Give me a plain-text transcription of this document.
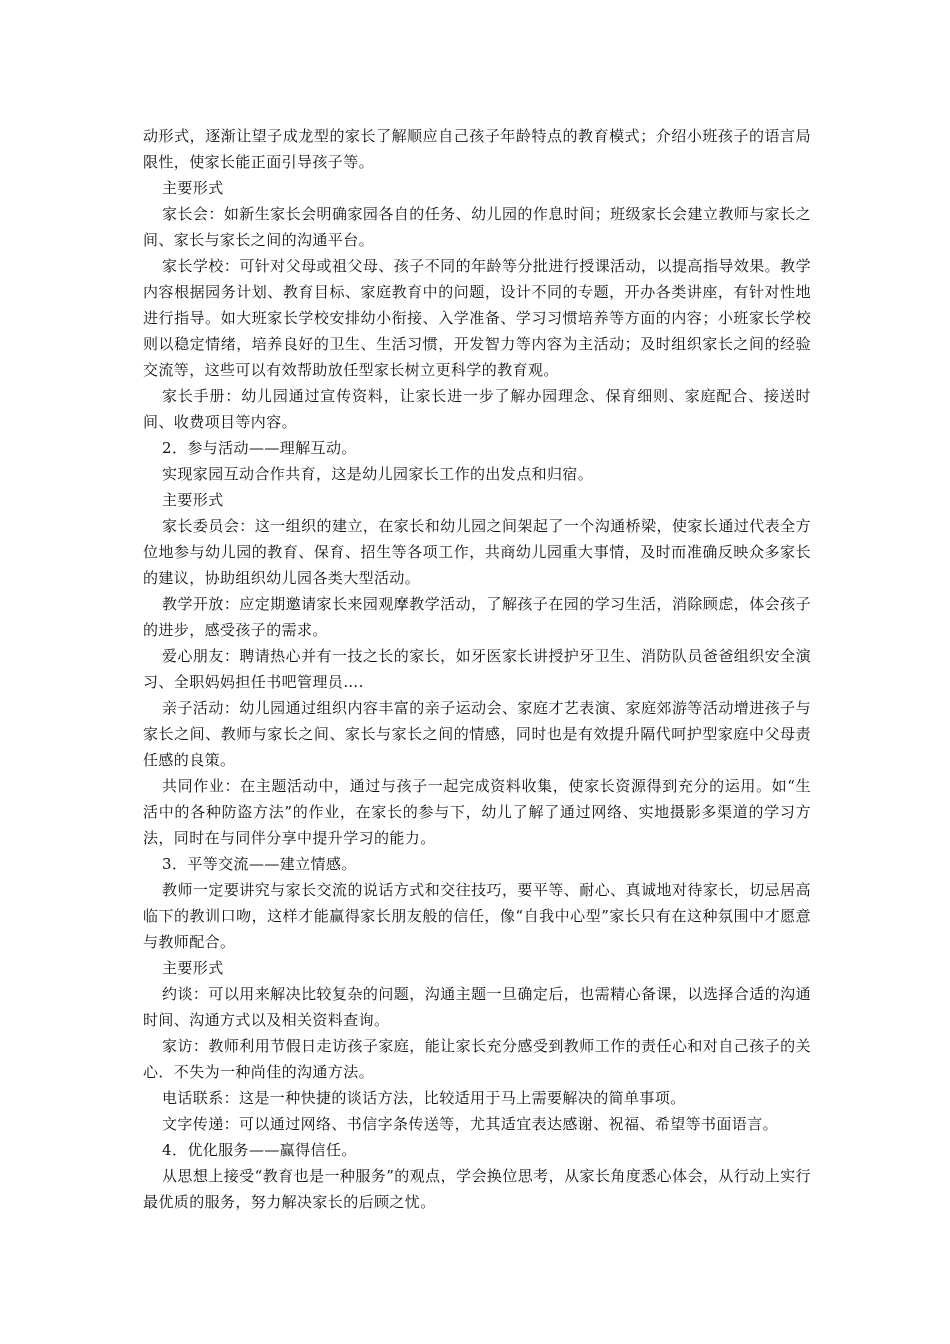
动形式，逐渐让望子成龙型的家长了解顺应自己孩子年龄特点的教育模式；介绍小班孩子的语言局限性，使家长能正面引导孩子等。

主要形式

家长会：如新生家长会明确家园各自的任务、幼儿园的作息时间；班级家长会建立教师与家长之间、家长与家长之间的沟通平台。

家长学校：可针对父母或祖父母、孩子不同的年龄等分批进行授课活动，以提高指导效果。教学内容根据园务计划、教育目标、家庭教育中的问题，设计不同的专题，开办各类讲座，有针对性地进行指导。如大班家长学校安排幼小衔接、入学准备、学习习惯培养等方面的内容；小班家长学校则以稳定情绪，培养良好的卫生、生活习惯，开发智力等内容为主活动；及时组织家长之间的经验交流等，这些可以有效帮助放任型家长树立更科学的教育观。

家长手册：幼儿园通过宣传资料，让家长进一步了解办园理念、保育细则、家庭配合、接送时间、收费项目等内容。

2．参与活动——理解互动。

实现家园互动合作共育，这是幼儿园家长工作的出发点和归宿。

主要形式

家长委员会：这一组织的建立，在家长和幼儿园之间架起了一个沟通桥梁，使家长通过代表全方位地参与幼儿园的教育、保育、招生等各项工作，共商幼儿园重大事情，及时而准确反映众多家长的建议，协助组织幼儿园各类大型活动。

教学开放：应定期邀请家长来园观摩教学活动，了解孩子在园的学习生活，消除顾虑，体会孩子的进步，感受孩子的需求。

爱心朋友：聘请热心并有一技之长的家长，如牙医家长讲授护牙卫生、消防队员爸爸组织安全演习、全职妈妈担任书吧管理员….　

亲子活动：幼儿园通过组织内容丰富的亲子运动会、家庭才艺表演、家庭郊游等活动增进孩子与家长之间、教师与家长之间、家长与家长之间的情感，同时也是有效提升隔代呵护型家庭中父母责任感的良策。

共同作业：在主题活动中，通过与孩子一起完成资料收集，使家长资源得到充分的运用。如“生活中的各种防盗方法”的作业，在家长的参与下，幼儿了解了通过网络、实地摄影多渠道的学习方法，同时在与同伴分享中提升学习的能力。

3．平等交流——建立情感。

教师一定要讲究与家长交流的说话方式和交往技巧，要平等、耐心、真诚地对待家长，切忌居高临下的教训口吻，这样才能赢得家长朋友般的信任，像“自我中心型”家长只有在这种氛围中才愿意与教师配合。

主要形式

约谈：可以用来解决比较复杂的问题，沟通主题一旦确定后，也需精心备课，以选择合适的沟通时间、沟通方式以及相关资料查询。

家访：教师利用节假日走访孩子家庭，能让家长充分感受到教师工作的责任心和对自己孩子的关心．不失为一种尚佳的沟通方法。

电话联系：这是一种快捷的谈话方法，比较适用于马上需要解决的简单事项。

文字传递：可以通过网络、书信字条传送等，尤其适宜表达感谢、祝福、希望等书面语言。

4．优化服务——赢得信任。

从思想上接受“教育也是一种服务”的观点，学会换位思考，从家长角度悉心体会，从行动上实行最优质的服务，努力解决家长的后顾之忧。
